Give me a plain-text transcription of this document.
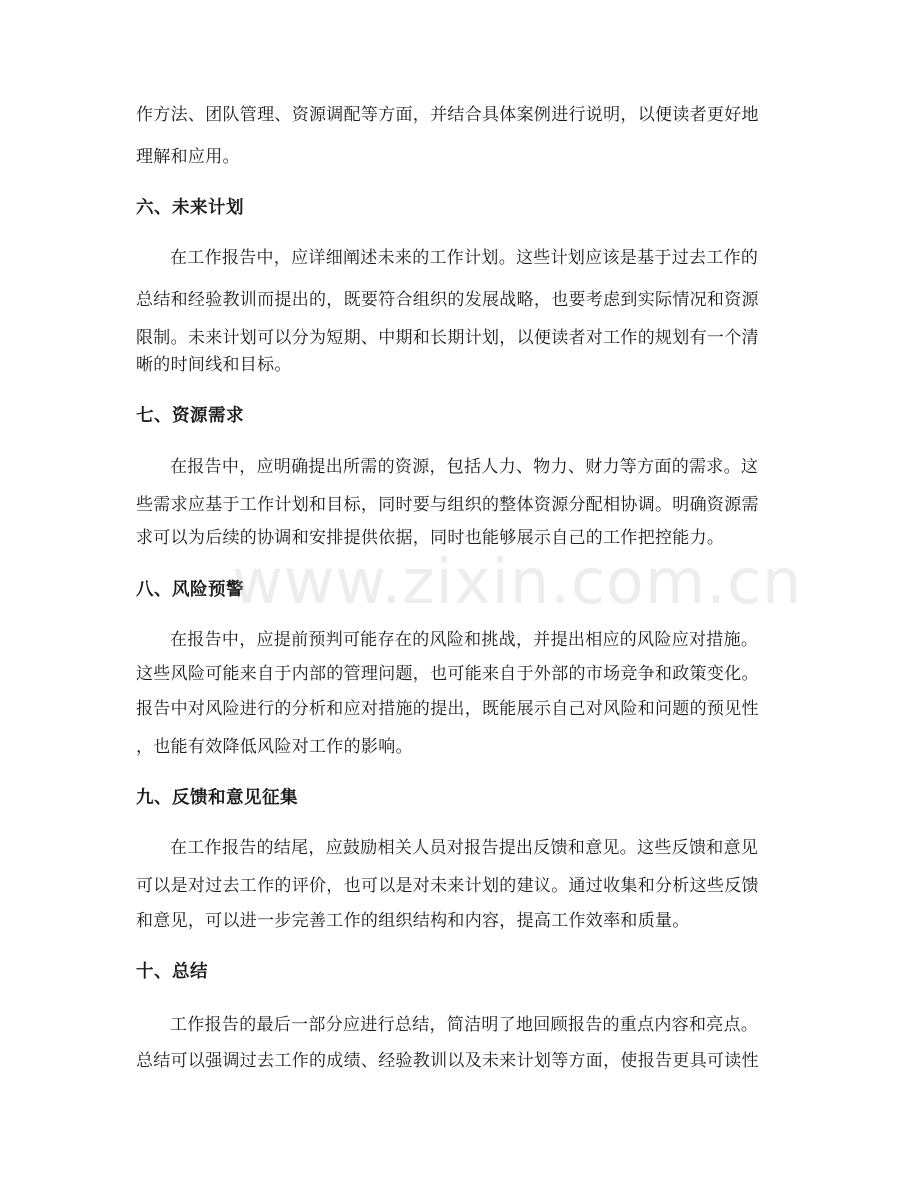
作方法、团队管理、资源调配等方面，并结合具体案例进行说明，以便读者更好地
理解和应用。
六、未来计划
在工作报告中，应详细阐述未来的工作计划。这些计划应该是基于过去工作的
总结和经验教训而提出的，既要符合组织的发展战略，也要考虑到实际情况和资源
限制。未来计划可以分为短期、中期和长期计划，以便读者对工作的规划有一个清
晰的时间线和目标。
七、资源需求
在报告中，应明确提出所需的资源，包括人力、物力、财力等方面的需求。这
些需求应基于工作计划和目标，同时要与组织的整体资源分配相协调。明确资源需
求可以为后续的协调和安排提供依据，同时也能够展示自己的工作把控能力。
八、风险预警
在报告中，应提前预判可能存在的风险和挑战，并提出相应的风险应对措施。
这些风险可能来自于内部的管理问题，也可能来自于外部的市场竞争和政策变化。
报告中对风险进行的分析和应对措施的提出，既能展示自己对风险和问题的预见性
，也能有效降低风险对工作的影响。
九、反馈和意见征集
在工作报告的结尾，应鼓励相关人员对报告提出反馈和意见。这些反馈和意见
可以是对过去工作的评价，也可以是对未来计划的建议。通过收集和分析这些反馈
和意见，可以进一步完善工作的组织结构和内容，提高工作效率和质量。
十、总结
工作报告的最后一部分应进行总结，简洁明了地回顾报告的重点内容和亮点。
总结可以强调过去工作的成绩、经验教训以及未来计划等方面，使报告更具可读性
www.zixin.com.cn
